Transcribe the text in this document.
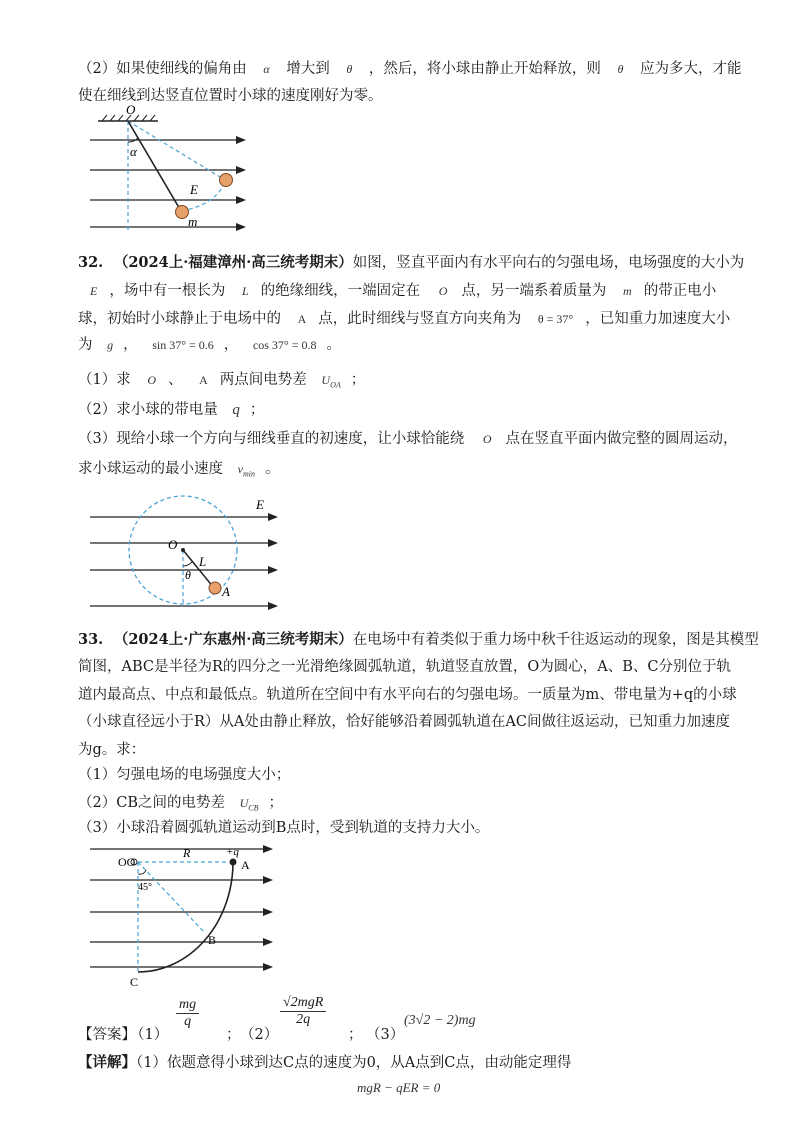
（2）如果使细线的偏角由 α 增大到 θ ，然后，将小球由静止开始释放，则 θ 应为多大，才能
使在细线到达竖直位置时小球的速度刚好为零。
O
α
E
m
32. （2024上·福建漳州·高三统考期末）如图，竖直平面内有水平向右的匀强电场，电场强度的大小为
E ，场中有一根长为 L 的绝缘细线，一端固定在 O 点，另一端系着质量为 m 的带正电小
球，初始时小球静止于电场中的 A 点，此时细线与竖直方向夹角为 θ = 37° ，已知重力加速度大小
为 g ， sin 37° = 0.6 ， cos 37° = 0.8 。
（1）求 O 、 A 两点间电势差 $U_{OA}$ ；
（2）求小球的带电量 q ；
（3）现给小球一个方向与细线垂直的初速度，让小球恰能绕 O 点在竖直平面内做完整的圆周运动，
求小球运动的最小速度 $v_{min}$ 。
E
O
L
θ
A
33. （2024上·广东惠州·高三统考期末）在电场中有着类似于重力场中秋千往返运动的现象，图是其模型
简图，ABC是半径为R的四分之一光滑绝缘圆弧轨道，轨道竖直放置，O为圆心，A、B、C分别位于轨
道内最高点、中点和最低点。轨道所在空间中有水平向右的匀强电场。一质量为m、带电量为+q的小球
（小球直径远小于R）从A处由静止释放，恰好能够沿着圆弧轨道在AC间做往返运动，已知重力加速度
为g。求：
（1）匀强电场的电场强度大小；
（2）CB之间的电势差 $U_{CB}$ ；
（3）小球沿着圆弧轨道运动到B点时，受到轨道的支持力大小。
OO
R	+q
A
45°
B
C
【答案】
（1）
$\frac{mg}{q}$
； （2）
√2mgR
2q
； （3）
(3√2 − 2)mg
【详解】（1）依题意得小球到达C点的速度为0，从A点到C点，由动能定理得
mgR − qER = 0
